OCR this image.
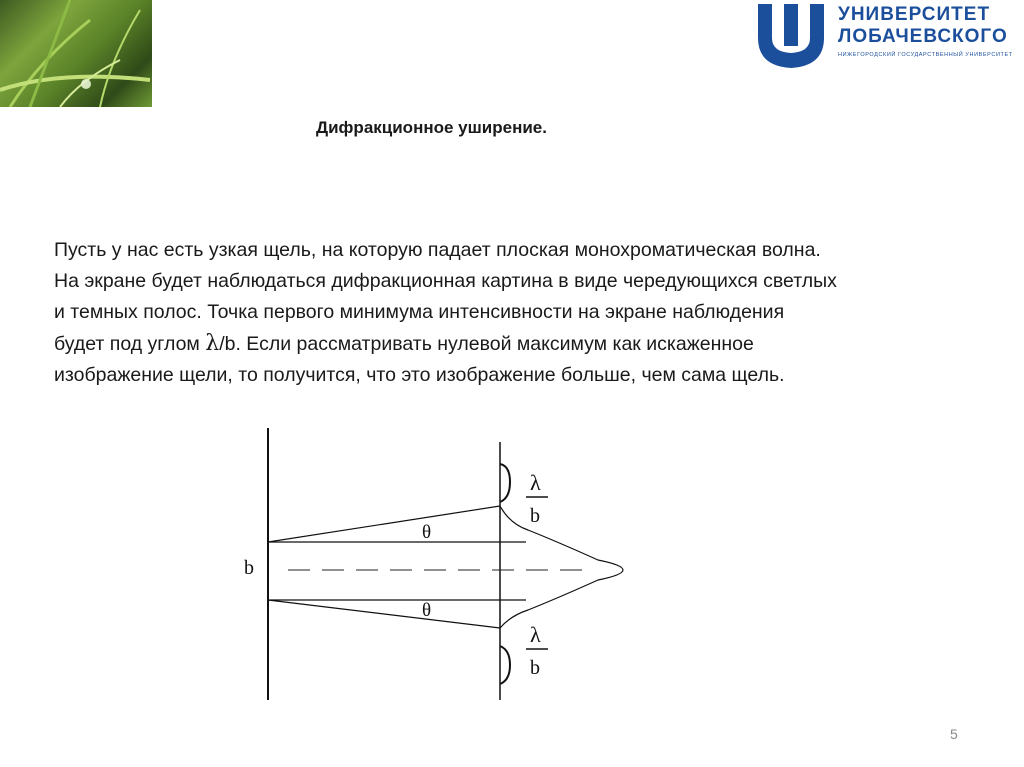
УНИВЕРСИТЕТ
ЛОБАЧЕВСКОГО
НИЖЕГОРОДСКИЙ ГОСУДАРСТВЕННЫЙ УНИВЕРСИТЕТ
Дифракционное уширение.

Пусть у нас есть узкая щель, на которую падает плоская монохроматическая волна.

На экране будет наблюдаться дифракционная картина в виде чередующихся светлых

и темных полос. Точка первого минимума интенсивности на экране наблюдения

будет под углом λ/b. Если рассматривать нулевой максимум как искаженное

изображение щели, то получится, что это изображение больше, чем сама щель.

b
θ
θ
λ
b
λ
b
5
